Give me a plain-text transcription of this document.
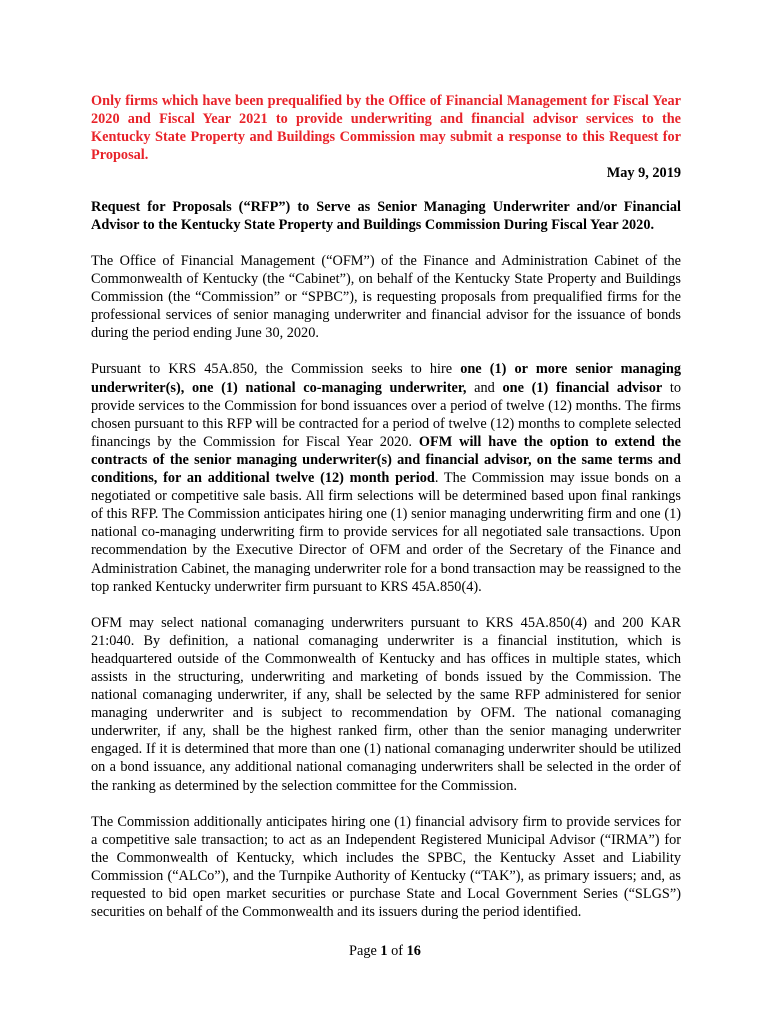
Only firms which have been prequalified by the Office of Financial Management for Fiscal Year 2020 and Fiscal Year 2021 to provide underwriting and financial advisor services to the Kentucky State Property and Buildings Commission may submit a response to this Request for Proposal.

May 9, 2019

Request for Proposals (“RFP”) to Serve as Senior Managing Underwriter and/or Financial Advisor to the Kentucky State Property and Buildings Commission During Fiscal Year 2020.

The Office of Financial Management (“OFM”) of the Finance and Administration Cabinet of the Commonwealth of Kentucky (the “Cabinet”), on behalf of the Kentucky State Property and Buildings Commission (the “Commission” or “SPBC”), is requesting proposals from prequalified firms for the professional services of senior managing underwriter and financial advisor for the issuance of bonds during the period ending June 30, 2020.

Pursuant to KRS 45A.850, the Commission seeks to hire one (1) or more senior managing underwriter(s), one (1) national co-managing underwriter, and one (1) financial advisor to provide services to the Commission for bond issuances over a period of twelve (12) months. The firms chosen pursuant to this RFP will be contracted for a period of twelve (12) months to complete selected financings by the Commission for Fiscal Year 2020. OFM will have the option to extend the contracts of the senior managing underwriter(s) and financial advisor, on the same terms and conditions, for an additional twelve (12) month period. The Commission may issue bonds on a negotiated or competitive sale basis. All firm selections will be determined based upon final rankings of this RFP. The Commission anticipates hiring one (1) senior managing underwriting firm and one (1) national co-managing underwriting firm to provide services for all negotiated sale transactions. Upon recommendation by the Executive Director of OFM and order of the Secretary of the Finance and Administration Cabinet, the managing underwriter role for a bond transaction may be reassigned to the top ranked Kentucky underwriter firm pursuant to KRS 45A.850(4).

OFM may select national comanaging underwriters pursuant to KRS 45A.850(4) and 200 KAR 21:040. By definition, a national comanaging underwriter is a financial institution, which is headquartered outside of the Commonwealth of Kentucky and has offices in multiple states, which assists in the structuring, underwriting and marketing of bonds issued by the Commission. The national comanaging underwriter, if any, shall be selected by the same RFP administered for senior managing underwriter and is subject to recommendation by OFM. The national comanaging underwriter, if any, shall be the highest ranked firm, other than the senior managing underwriter engaged. If it is determined that more than one (1) national comanaging underwriter should be utilized on a bond issuance, any additional national comanaging underwriters shall be selected in the order of the ranking as determined by the selection committee for the Commission.

The Commission additionally anticipates hiring one (1) financial advisory firm to provide services for a competitive sale transaction; to act as an Independent Registered Municipal Advisor (“IRMA”) for the Commonwealth of Kentucky, which includes the SPBC, the Kentucky Asset and Liability Commission (“ALCo”), and the Turnpike Authority of Kentucky (“TAK”), as primary issuers; and, as requested to bid open market securities or purchase State and Local Government Series (“SLGS”) securities on behalf of the Commonwealth and its issuers during the period identified.

Page 1 of 16
